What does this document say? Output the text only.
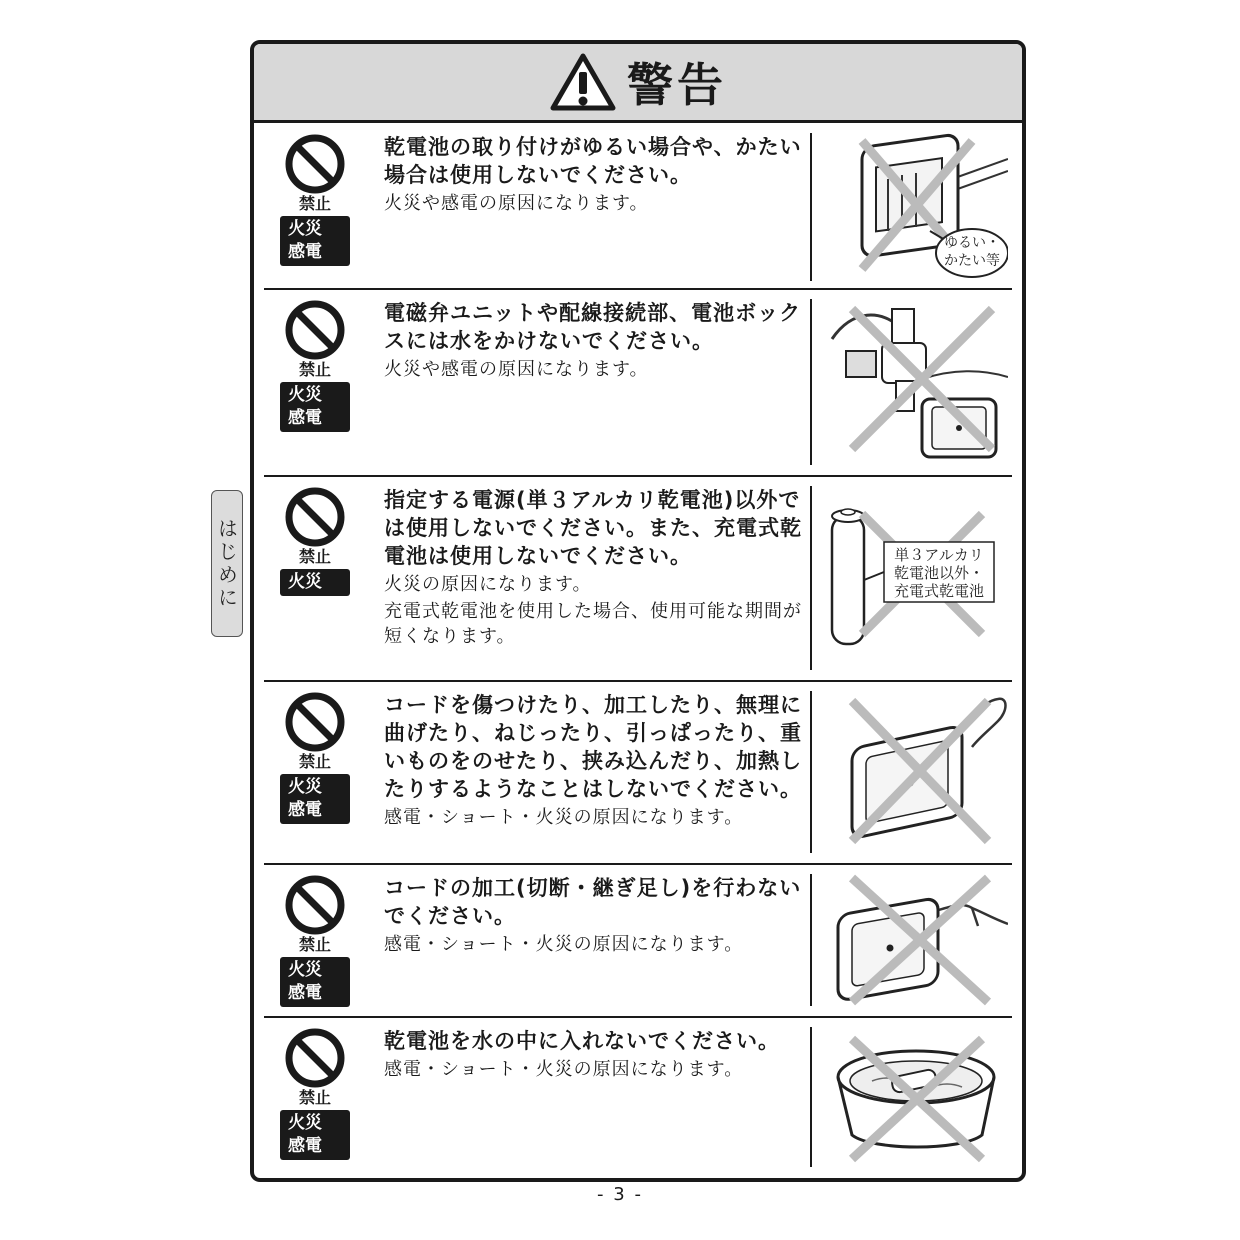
はじめに
警告
禁止
火災
感電
乾電池の取り付けがゆるい場合や、かたい場合は使用しないでください。
火災や感電の原因になります。
ゆるい・
かたい等
禁止
火災
感電
電磁弁ユニットや配線接続部、電池ボックスには水をかけないでください。
火災や感電の原因になります。
禁止
火災
指定する電源(単３アルカリ乾電池)以外では使用しないでください。また、充電式乾電池は使用しないでください。
火災の原因になります。
充電式乾電池を使用した場合、使用可能な期間が短くなります。
単３アルカリ
乾電池以外・
充電式乾電池
禁止
火災
感電
コードを傷つけたり、加工したり、無理に曲げたり、ねじったり、引っぱったり、重いものをのせたり、挟み込んだり、加熱したりするようなことはしないでください。
感電・ショート・火災の原因になります。
禁止
火災
感電
コードの加工(切断・継ぎ足し)を行わないでください。
感電・ショート・火災の原因になります。
禁止
火災
感電
乾電池を水の中に入れないでください。
感電・ショート・火災の原因になります。
- 3 -
